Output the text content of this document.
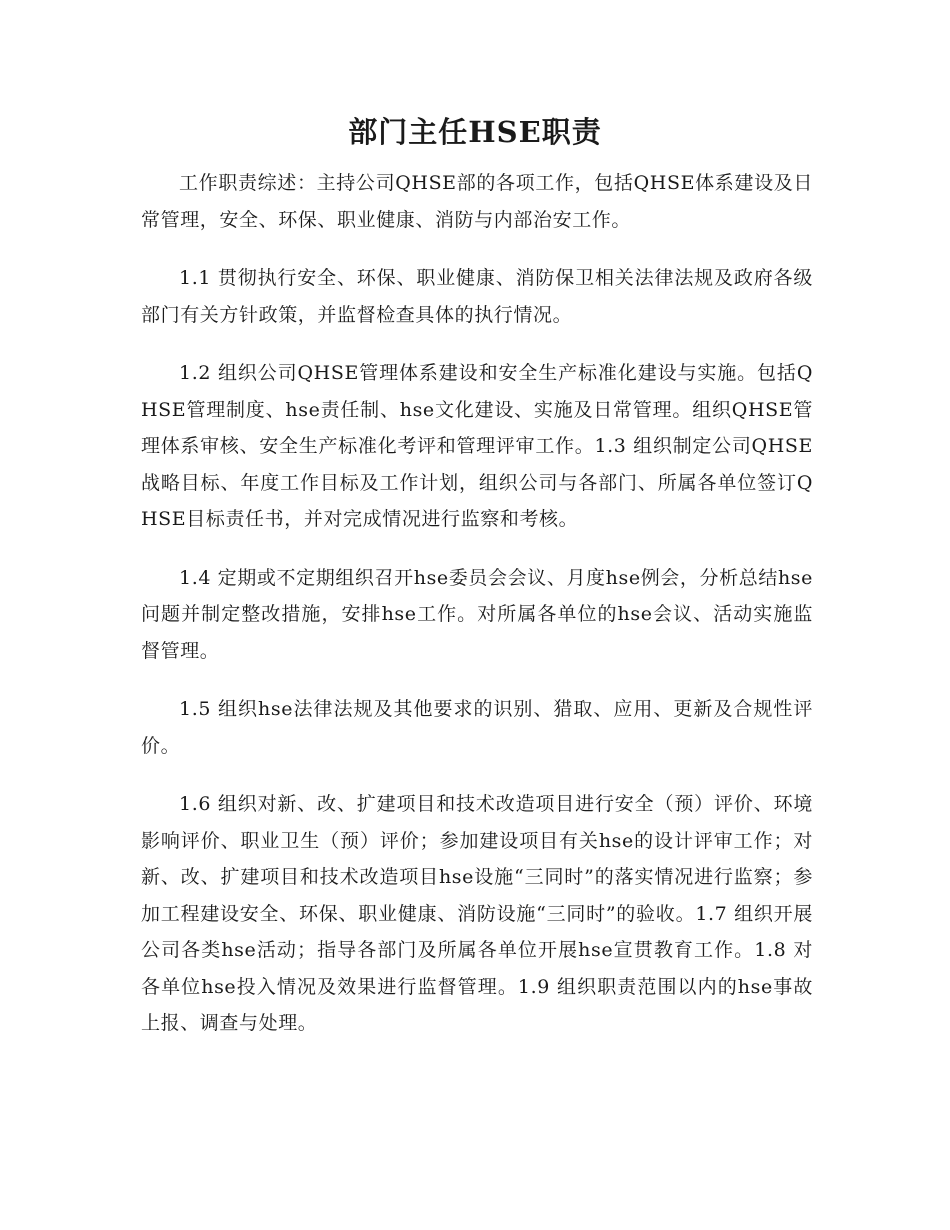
部门主任HSE职责

工作职责综述：主持公司QHSE部的各项工作，包括QHSE体系建设及日常管理，安全、环保、职业健康、消防与内部治安工作。

1.1 贯彻执行安全、环保、职业健康、消防保卫相关法律法规及政府各级部门有关方针政策，并监督检查具体的执行情况。

1.2 组织公司QHSE管理体系建设和安全生产标准化建设与实施。包括QHSE管理制度、hse责任制、hse文化建设、实施及日常管理。组织QHSE管理体系审核、安全生产标准化考评和管理评审工作。1.3 组织制定公司QHSE战略目标、年度工作目标及工作计划，组织公司与各部门、所属各单位签订QHSE目标责任书，并对完成情况进行监察和考核。

1.4 定期或不定期组织召开hse委员会会议、月度hse例会，分析总结hse问题并制定整改措施，安排hse工作。对所属各单位的hse会议、活动实施监督管理。

1.5 组织hse法律法规及其他要求的识别、猎取、应用、更新及合规性评价。

1.6 组织对新、改、扩建项目和技术改造项目进行安全（预）评价、环境影响评价、职业卫生（预）评价；参加建设项目有关hse的设计评审工作；对新、改、扩建项目和技术改造项目hse设施“三同时”的落实情况进行监察；参加工程建设安全、环保、职业健康、消防设施“三同时”的验收。1.7 组织开展公司各类hse活动；指导各部门及所属各单位开展hse宣贯教育工作。1.8 对各单位hse投入情况及效果进行监督管理。1.9 组织职责范围以内的hse事故上报、调查与处理。
